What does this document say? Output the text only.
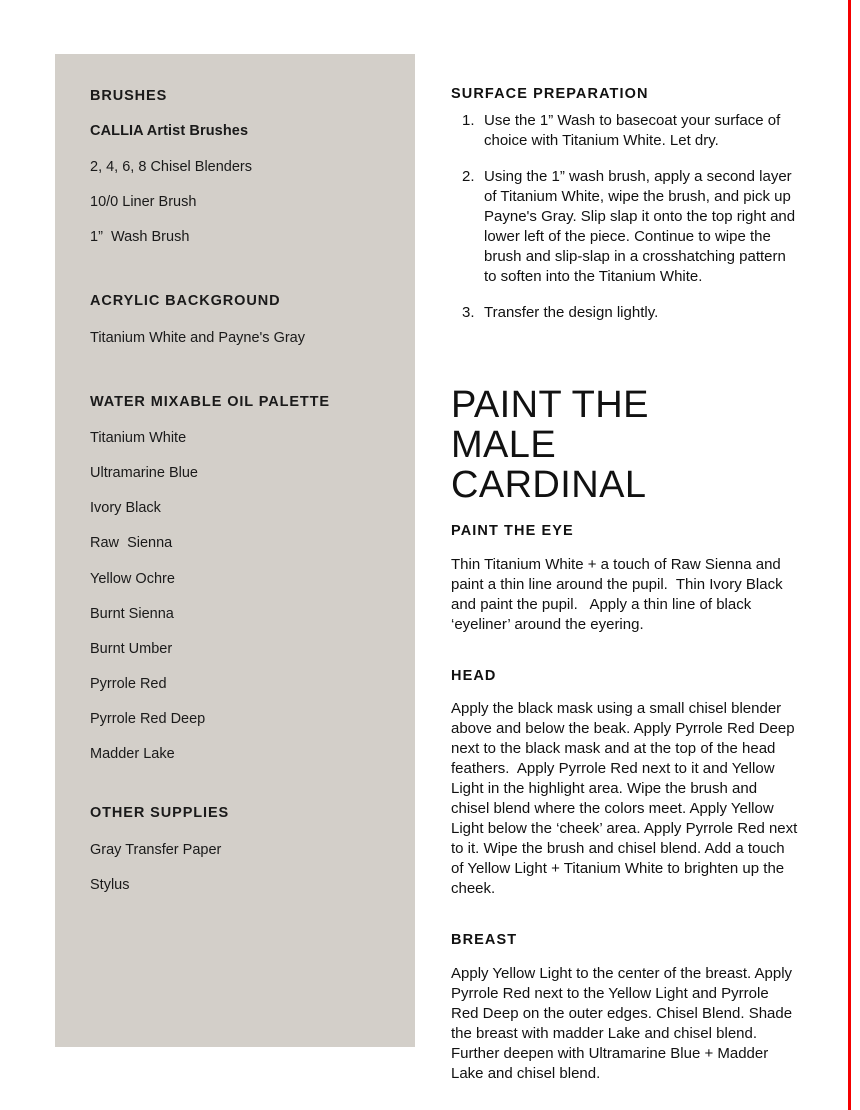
BRUSHES
CALLIA Artist Brushes
2, 4, 6, 8 Chisel Blenders
10/0 Liner Brush
1”  Wash Brush
ACRYLIC BACKGROUND
Titanium White and Payne's Gray
WATER MIXABLE OIL PALETTE
Titanium White
Ultramarine Blue
Ivory Black
Raw  Sienna
Yellow Ochre
Burnt Sienna
Burnt Umber
Pyrrole Red
Pyrrole Red Deep
Madder Lake
OTHER SUPPLIES
Gray Transfer Paper
Stylus
SURFACE PREPARATION
Use the 1” Wash to basecoat your surface of choice with Titanium White. Let dry.
Using the 1” wash brush, apply a second layer of Titanium White, wipe the brush, and pick up Payne's Gray. Slip slap it onto the top right and lower left of the piece. Continue to wipe the brush and slip-slap in a crosshatching pattern to soften into the Titanium White.
Transfer the design lightly.
PAINT THE MALE CARDINAL
PAINT THE EYE

Thin Titanium White + a touch of Raw Sienna and paint a thin line around the pupil.  Thin Ivory Black and paint the pupil.   Apply a thin line of black ‘eyeliner’ around the eyering.

HEAD

Apply the black mask using a small chisel blender above and below the beak. Apply Pyrrole Red Deep next to the black mask and at the top of the head feathers.  Apply Pyrrole Red next to it and Yellow Light in the highlight area. Wipe the brush and chisel blend where the colors meet. Apply Yellow Light below the ‘cheek’ area. Apply Pyrrole Red next to it. Wipe the brush and chisel blend. Add a touch of Yellow Light + Titanium White to brighten up the cheek.

BREAST

Apply Yellow Light to the center of the breast. Apply Pyrrole Red next to the Yellow Light and Pyrrole Red Deep on the outer edges. Chisel Blend. Shade the breast with madder Lake and chisel blend.  Further deepen with Ultramarine Blue + Madder Lake and chisel blend.
